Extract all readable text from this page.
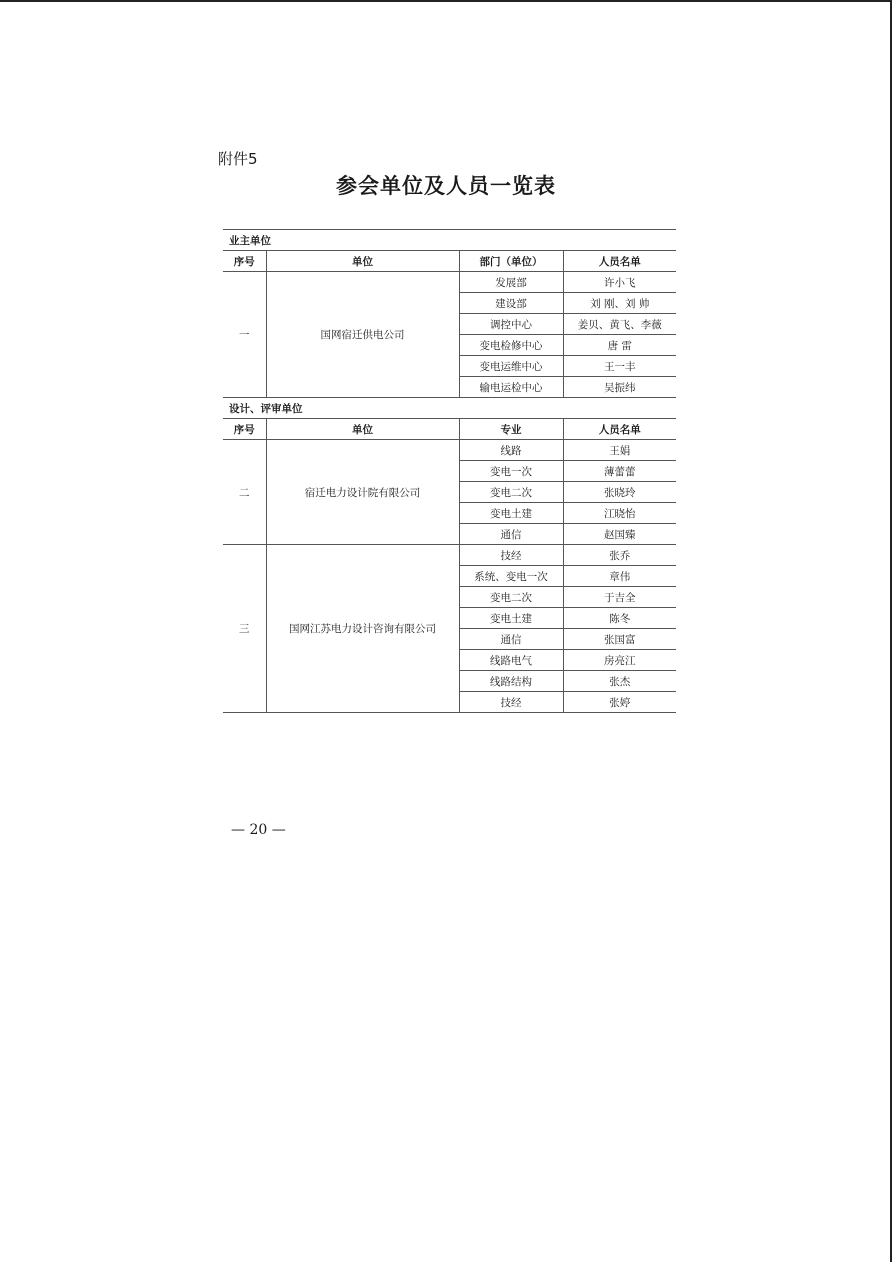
附件5
参会单位及人员一览表
业主单位			
序号	单位	部门（单位）	人员名单
一	国网宿迁供电公司	发展部	许小飞
		建设部	刘 刚、刘 帅
		调控中心	姜贝、黄飞、李薇
		变电检修中心	唐 雷
		变电运维中心	王一丰
		输电运检中心	吴振纬
设计、评审单位			
序号	单位	专业	人员名单
二	宿迁电力设计院有限公司	线路	王娟
		变电一次	薄蕾蕾
		变电二次	张晓玲
		变电土建	江晓怡
		通信	赵国臻
三	国网江苏电力设计咨询有限公司	技经	张乔
		系统、变电一次	章伟
		变电二次	于吉全
		变电土建	陈冬
		通信	张国富
		线路电气	房亮江
		线路结构	张杰
		技经	张婷
— 20 —
